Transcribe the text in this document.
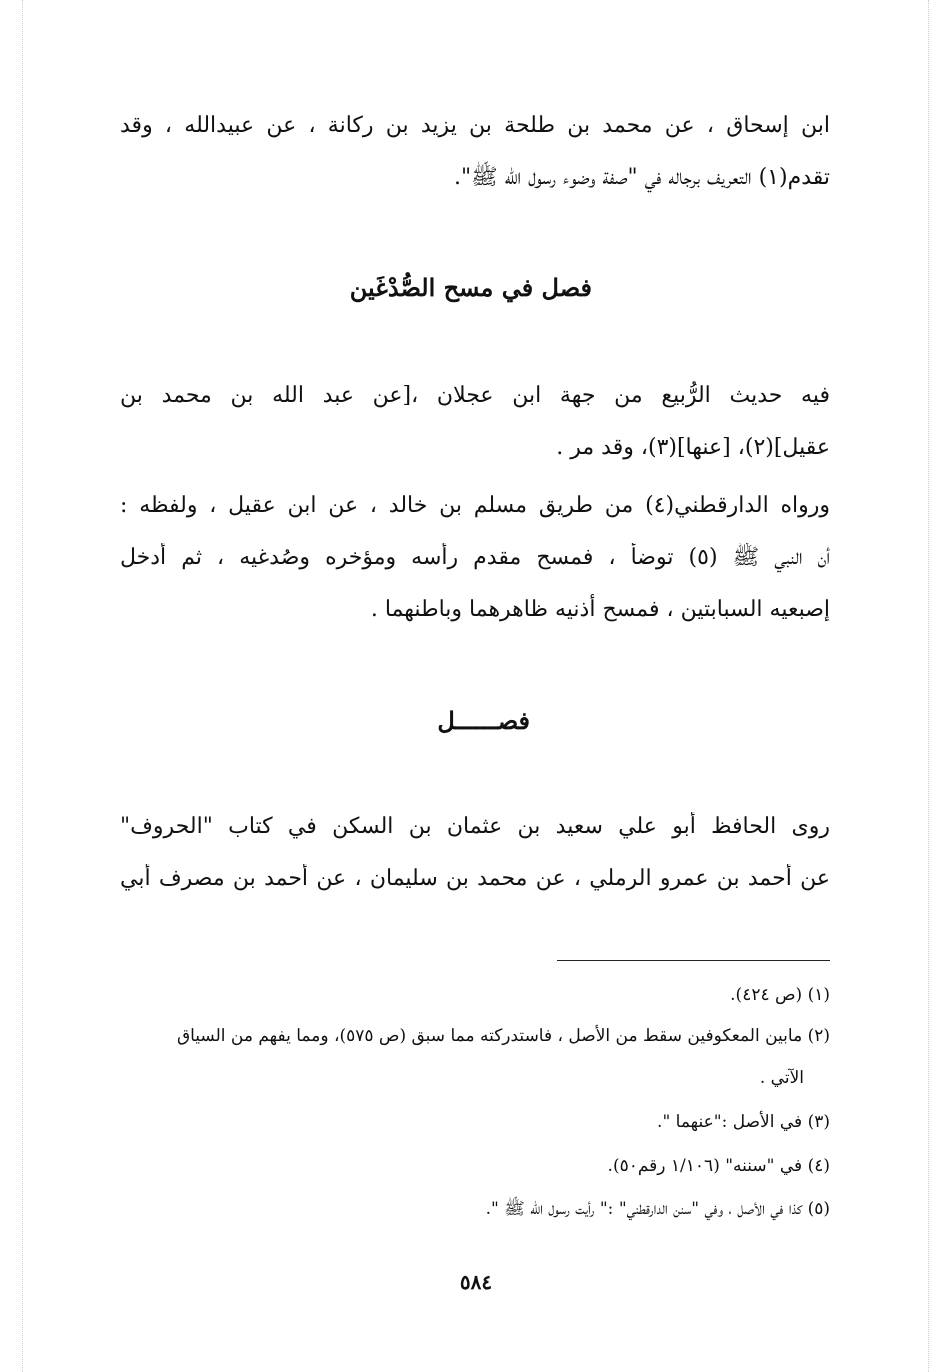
ابن إسحاق ، عن محمد بن طلحة بن يزيد بن ركانة ، عن عبيدالله ، وقد
تقدم(١) التعريف برجاله في "صفة وضوء رسول الله ﷺ".
فصل في مسح الصُّدْغَين
فيه حديث الرُّبيع من جهة ابن عجلان ،[عن عبد الله بن محمد بن
عقيل](٢)، [عنها](٣)، وقد مر .
ورواه الدارقطني(٤) من طريق مسلم بن خالد ، عن ابن عقيل ، ولفظه :
أن النبي ﷺ (٥) توضأ ، فمسح مقدم رأسه ومؤخره وصُدغيه ، ثم أدخل
إصبعيه السبابتين ، فمسح أذنيه ظاهرهما وباطنهما .
فصــــــل
روى الحافظ أبو علي سعيد بن عثمان بن السكن في كتاب "الحروف"
عن أحمد بن عمرو الرملي ، عن محمد بن سليمان ، عن أحمد بن مصرف أبي
(١) (ص ٤٢٤).
(٢) مابين المعكوفين سقط من الأصل ، فاستدركته مما سبق (ص ٥٧٥)، ومما يفهم من السياق
الآتي .
(٣) في الأصل :"عنهما ".
(٤) في "سننه" (١/١٠٦ رقم٥٠).
(٥) كذا في الأصل ، وفي "سنن الدارقطني" :" رأيت رسول الله ﷺ ".
٥٨٤
